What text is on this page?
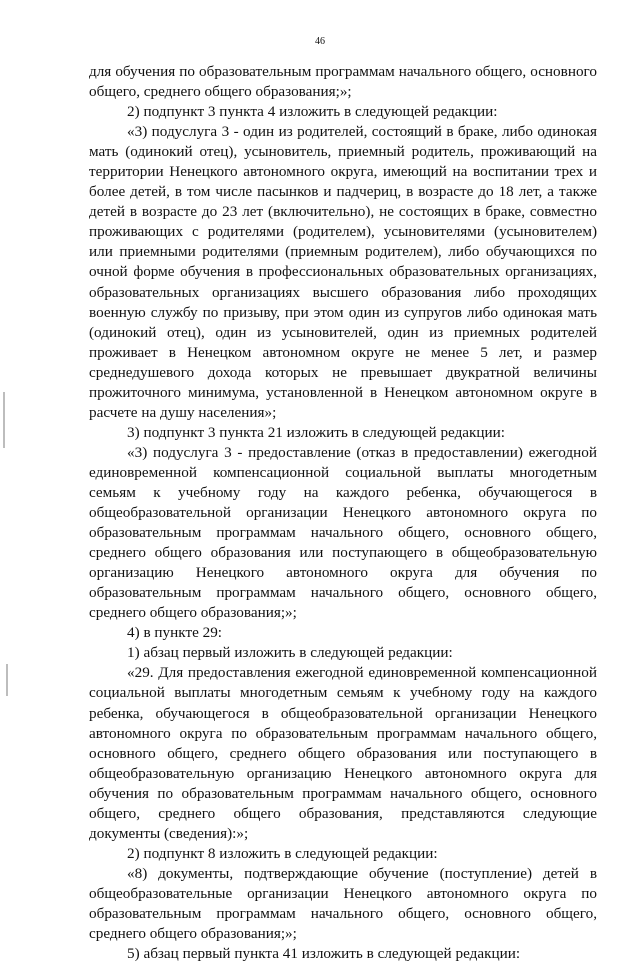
46

для обучения по образовательным программам начального общего, основного общего, среднего общего образования;»;

2) подпункт 3 пункта 4 изложить в следующей редакции:

«3) подуслуга 3 - один из родителей, состоящий в браке, либо одинокая мать (одинокий отец), усыновитель, приемный родитель, проживающий на территории Ненецкого автономного округа, имеющий на воспитании трех и более детей, в том числе пасынков и падчериц, в возрасте до 18 лет, а также детей в возрасте до 23 лет (включительно), не состоящих в браке, совместно проживающих с родителями (родителем), усыновителями (усыновителем) или приемными родителями (приемным родителем), либо обучающихся по очной форме обучения в профессиональных образовательных организациях, образовательных организациях высшего образования либо проходящих военную службу по призыву, при этом один из супругов либо одинокая мать (одинокий отец), один из усыновителей, один из приемных родителей проживает в Ненецком автономном округе не менее 5 лет, и размер среднедушевого дохода которых не превышает двукратной величины прожиточного минимума, установленной в Ненецком автономном округе в расчете на душу населения»;

3) подпункт 3 пункта 21 изложить в следующей редакции:

«3) подуслуга 3 - предоставление (отказ в предоставлении) ежегодной единовременной компенсационной социальной выплаты многодетным семьям к учебному году на каждого ребенка, обучающегося в общеобразовательной организации Ненецкого автономного округа по образовательным программам начального общего, основного общего, среднего общего образования или поступающего в общеобразовательную организацию Ненецкого автономного округа для обучения по образовательным программам начального общего, основного общего, среднего общего образования;»;

4) в пункте 29:

1) абзац первый изложить в следующей редакции:

«29. Для предоставления ежегодной единовременной компенсационной социальной выплаты многодетным семьям к учебному году на каждого ребенка, обучающегося в общеобразовательной организации Ненецкого автономного округа по образовательным программам начального общего, основного общего, среднего общего образования или поступающего в общеобразовательную организацию Ненецкого автономного округа для обучения по образовательным программам начального общего, основного общего, среднего общего образования, представляются следующие документы (сведения):»;

2) подпункт 8 изложить в следующей редакции:

«8) документы, подтверждающие обучение (поступление) детей в общеобразовательные организации Ненецкого автономного округа по образовательным программам начального общего, основного общего, среднего общего образования;»;

5) абзац первый пункта 41 изложить в следующей редакции:
